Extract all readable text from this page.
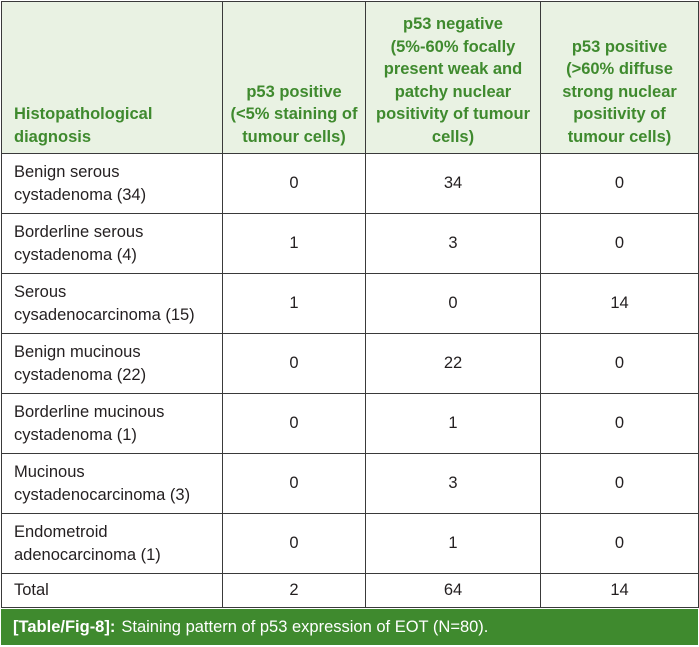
Histopathological diagnosis	p53 positive (<5% staining of tumour cells)	p53 negative (5%-60% focally present weak and patchy nuclear positivity of tumour cells)	p53 positive (>60% diffuse strong nuclear positivity of tumour cells)
Benign serous cystadenoma (34)	0	34	0
Borderline serous cystadenoma (4)	1	3	0
Serous cysadenocarcinoma (15)	1	0	14
Benign mucinous cystadenoma (22)	0	22	0
Borderline mucinous cystadenoma (1)	0	1	0
Mucinous cystadenocarcinoma (3)	0	3	0
Endometroid adenocarcinoma (1)	0	1	0
Total	2	64	14
[Table/Fig-8]: Staining pattern of p53 expression of EOT (N=80).
